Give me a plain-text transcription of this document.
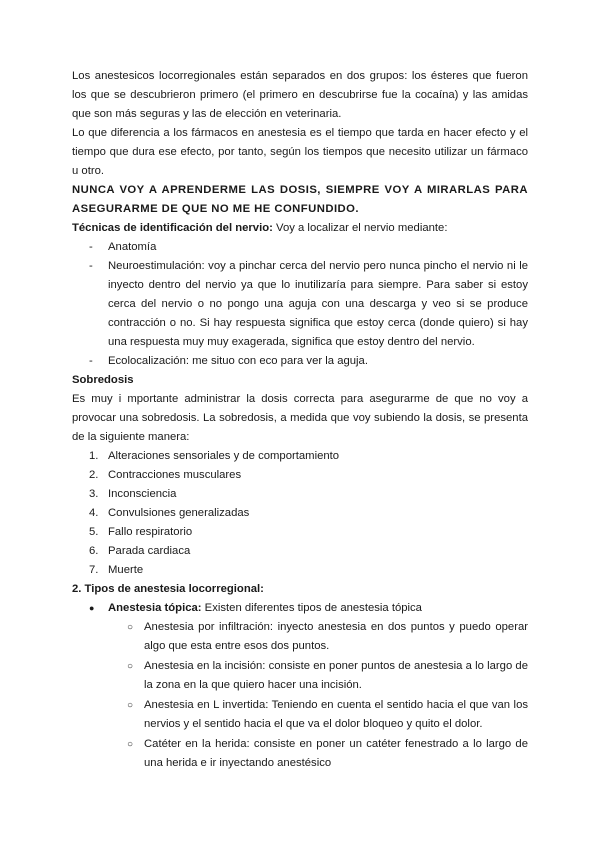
Los anestesicos locorregionales están separados en dos grupos: los ésteres que fueron los que se descubrieron primero (el primero en descubrirse fue la cocaína) y las amidas que son más seguras y las de elección en veterinaria.

Lo que diferencia a los fármacos en anestesia es el tiempo que tarda en hacer efecto y el tiempo que dura ese efecto, por tanto, según los tiempos que necesito utilizar un fármaco u otro.

NUNCA VOY A APRENDERME LAS DOSIS, SIEMPRE VOY A MIRARLAS PARA ASEGURARME DE QUE NO ME HE CONFUNDIDO.

Técnicas de identificación del nervio: Voy a localizar el nervio mediante:

- Anatomía
- Neuroestimulación: voy a pinchar cerca del nervio pero nunca pincho el nervio ni le inyecto dentro del nervio ya que lo inutilizaría para siempre. Para saber si estoy cerca del nervio o no pongo una aguja con una descarga y veo si se produce contracción o no. Si hay respuesta significa que estoy cerca (donde quiero) si hay una respuesta muy muy exagerada, significa que estoy dentro del nervio.
- Ecolocalización: me situo con eco para ver la aguja.

Sobredosis

Es muy i mportante administrar la dosis correcta para asegurarme de que no voy a provocar una sobredosis. La sobredosis, a medida que voy subiendo la dosis, se presenta de la siguiente manera:

1. Alteraciones sensoriales y de comportamiento
2. Contracciones musculares
3. Inconsciencia
4. Convulsiones generalizadas
5. Fallo respiratorio
6. Parada cardiaca
7. Muerte

2. Tipos de anestesia locorregional:

● Anestesia tópica: Existen diferentes tipos de anestesia tópica
○ Anestesia por infiltración: inyecto anestesia en dos puntos y puedo operar algo que esta entre esos dos puntos.
○ Anestesia en la incisión: consiste en poner puntos de anestesia a lo largo de la zona en la que quiero hacer una incisión.
○ Anestesia en L invertida: Teniendo en cuenta el sentido hacia el que van los nervios y el sentido hacia el que va el dolor bloqueo y quito el dolor.
○ Catéter en la herida: consiste en poner un catéter fenestrado a lo largo de una herida e ir inyectando anestésico
